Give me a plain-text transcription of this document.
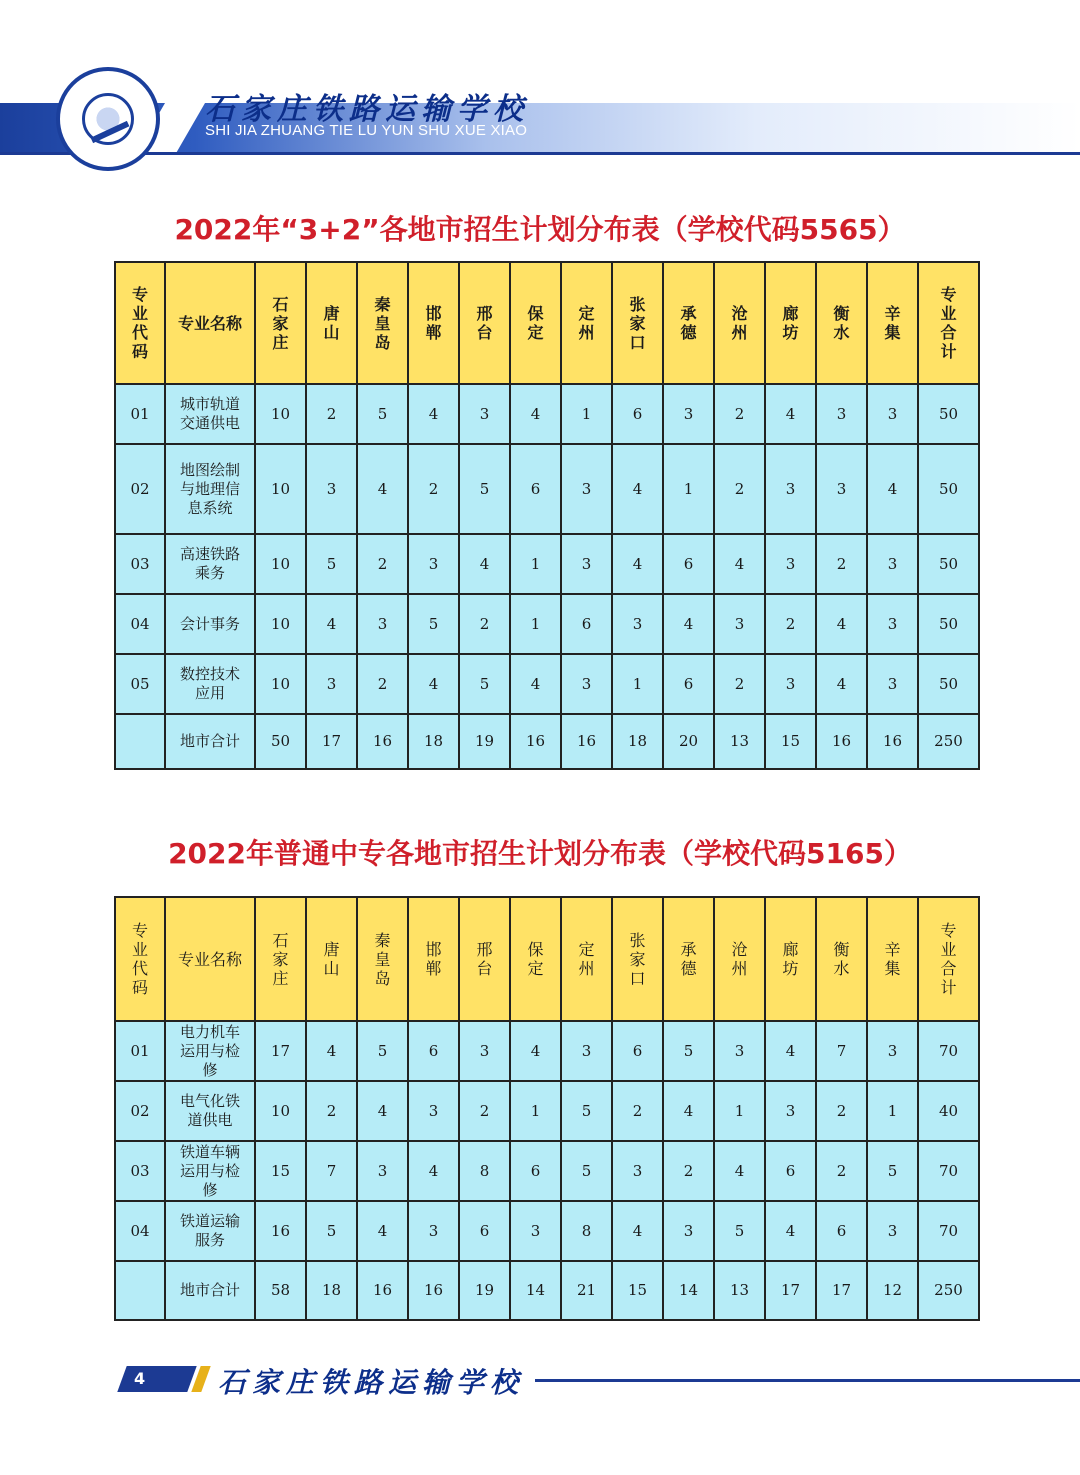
石家庄铁路运输学校
SHI JIA ZHUANG TIE LU YUN SHU XUE XIAO
2022年“3+2”各地市招生计划分布表（学校代码5565）
专业代码	专业名称	石家庄	唐山	秦皇岛	邯郸	邢台	保定	定州	张家口	承德	沧州	廊坊	衡水	辛集	专业合计
01	城市轨道交通供电	10	2	5	4	3	4	1	6	3	2	4	3	3	50
02	地图绘制与地理信息系统	10	3	4	2	5	6	3	4	1	2	3	3	4	50
03	高速铁路乘务	10	5	2	3	4	1	3	4	6	4	3	2	3	50
04	会计事务	10	4	3	5	2	1	6	3	4	3	2	4	3	50
05	数控技术应用	10	3	2	4	5	4	3	1	6	2	3	4	3	50
	地市合计	50	17	16	18	19	16	16	18	20	13	15	16	16	250
2022年普通中专各地市招生计划分布表（学校代码5165）
专业代码	专业名称	石家庄	唐山	秦皇岛	邯郸	邢台	保定	定州	张家口	承德	沧州	廊坊	衡水	辛集	专业合计
01	电力机车运用与检修	17	4	5	6	3	4	3	6	5	3	4	7	3	70
02	电气化铁道供电	10	2	4	3	2	1	5	2	4	1	3	2	1	40
03	铁道车辆运用与检修	15	7	3	4	8	6	5	3	2	4	6	2	5	70
04	铁道运输服务	16	5	4	3	6	3	8	4	3	5	4	6	3	70
	地市合计	58	18	16	16	19	14	21	15	14	13	17	17	12	250
4	石家庄铁路运输学校
